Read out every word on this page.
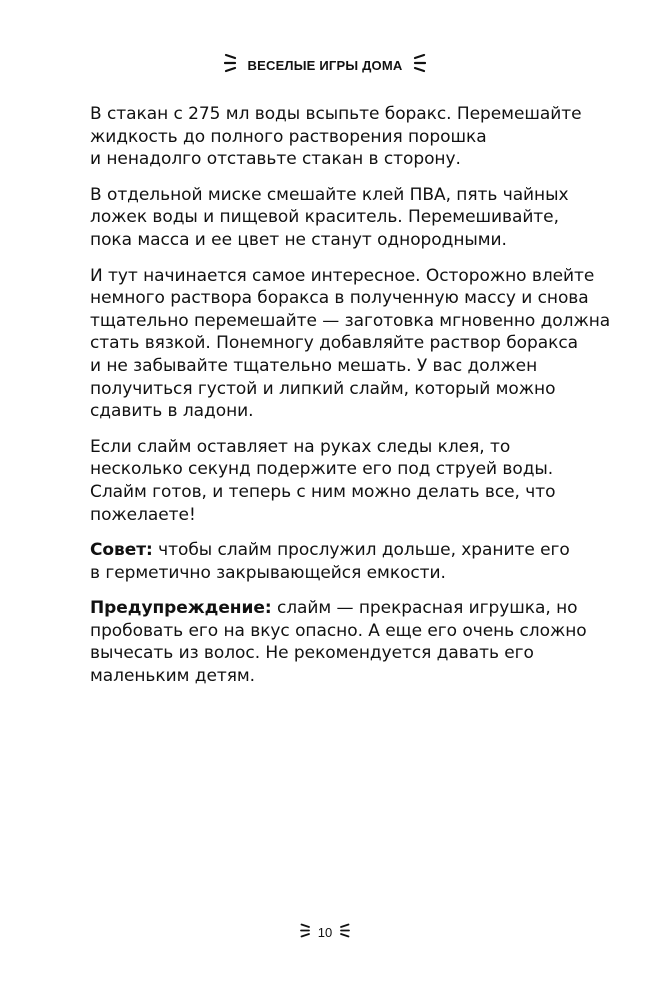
ВЕСЕЛЫЕ ИГРЫ ДОМА

В стакан с 275 мл воды всыпьте боракс. Перемешайте
жидкость до полного растворения порошка
и ненадолго отставьте стакан в сторону.

В отдельной миске смешайте клей ПВА, пять чайных
ложек воды и пищевой краситель. Перемешивайте,
пока масса и ее цвет не станут однородными.

И тут начинается самое интересное. Осторожно влейте
немного раствора боракса в полученную массу и снова
тщательно перемешайте — заготовка мгновенно должна
стать вязкой. Понемногу добавляйте раствор боракса
и не забывайте тщательно мешать. У вас должен
получиться густой и липкий слайм, который можно
сдавить в ладони.

Если слайм оставляет на руках следы клея, то
несколько секунд подержите его под струей воды.
Слайм готов, и теперь с ним можно делать все, что
пожелаете!

Совет: чтобы слайм прослужил дольше, храните его
в герметично закрывающейся емкости.

Предупреждение: слайм — прекрасная игрушка, но
пробовать его на вкус опасно. А еще его очень сложно
вычесать из волос. Не рекомендуется давать его
маленьким детям.

10
